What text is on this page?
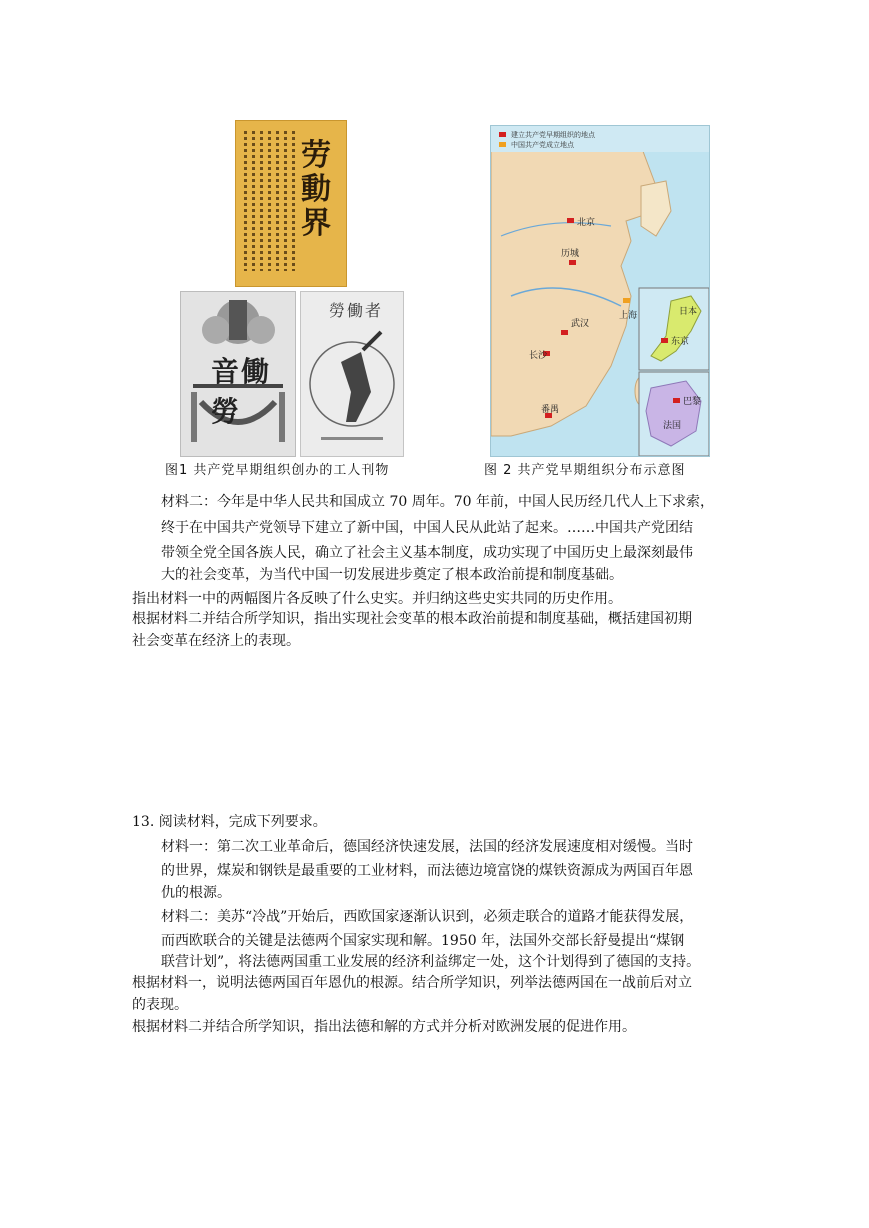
劳動界
音働勞
勞働者
图1 共产党早期组织创办的工人刊物
建立共产党早期组织的地点
中国共产党成立地点
北京
历城
上海
武汉
长沙
番禺
日本
东京
巴黎
法国
图 2 共产党早期组织分布示意图
材料二：今年是中华人民共和国成立 70 周年。70 年前，中国人民历经几代人上下求索，
终于在中国共产党领导下建立了新中国，中国人民从此站了起来。……中国共产党团结
带领全党全国各族人民，确立了社会主义基本制度，成功实现了中国历史上最深刻最伟
大的社会变革，为当代中国一切发展进步奠定了根本政治前提和制度基础。
指出材料一中的两幅图片各反映了什么史实。并归纳这些史实共同的历史作用。
根据材料二并结合所学知识，指出实现社会变革的根本政治前提和制度基础，概括建国初期
社会变革在经济上的表现。
13. 阅读材料，完成下列要求。
材料一：第二次工业革命后，德国经济快速发展，法国的经济发展速度相对缓慢。当时
的世界，煤炭和钢铁是最重要的工业材料，而法德边境富饶的煤铁资源成为两国百年恩
仇的根源。
材料二：美苏“冷战”开始后，西欧国家逐渐认识到，必须走联合的道路才能获得发展，
而西欧联合的关键是法德两个国家实现和解。1950 年，法国外交部长舒曼提出“煤钢
联营计划”，将法德两国重工业发展的经济利益绑定一处，这个计划得到了德国的支持。
根据材料一，说明法德两国百年恩仇的根源。结合所学知识，列举法德两国在一战前后对立
的表现。
根据材料二并结合所学知识，指出法德和解的方式并分析对欧洲发展的促进作用。
